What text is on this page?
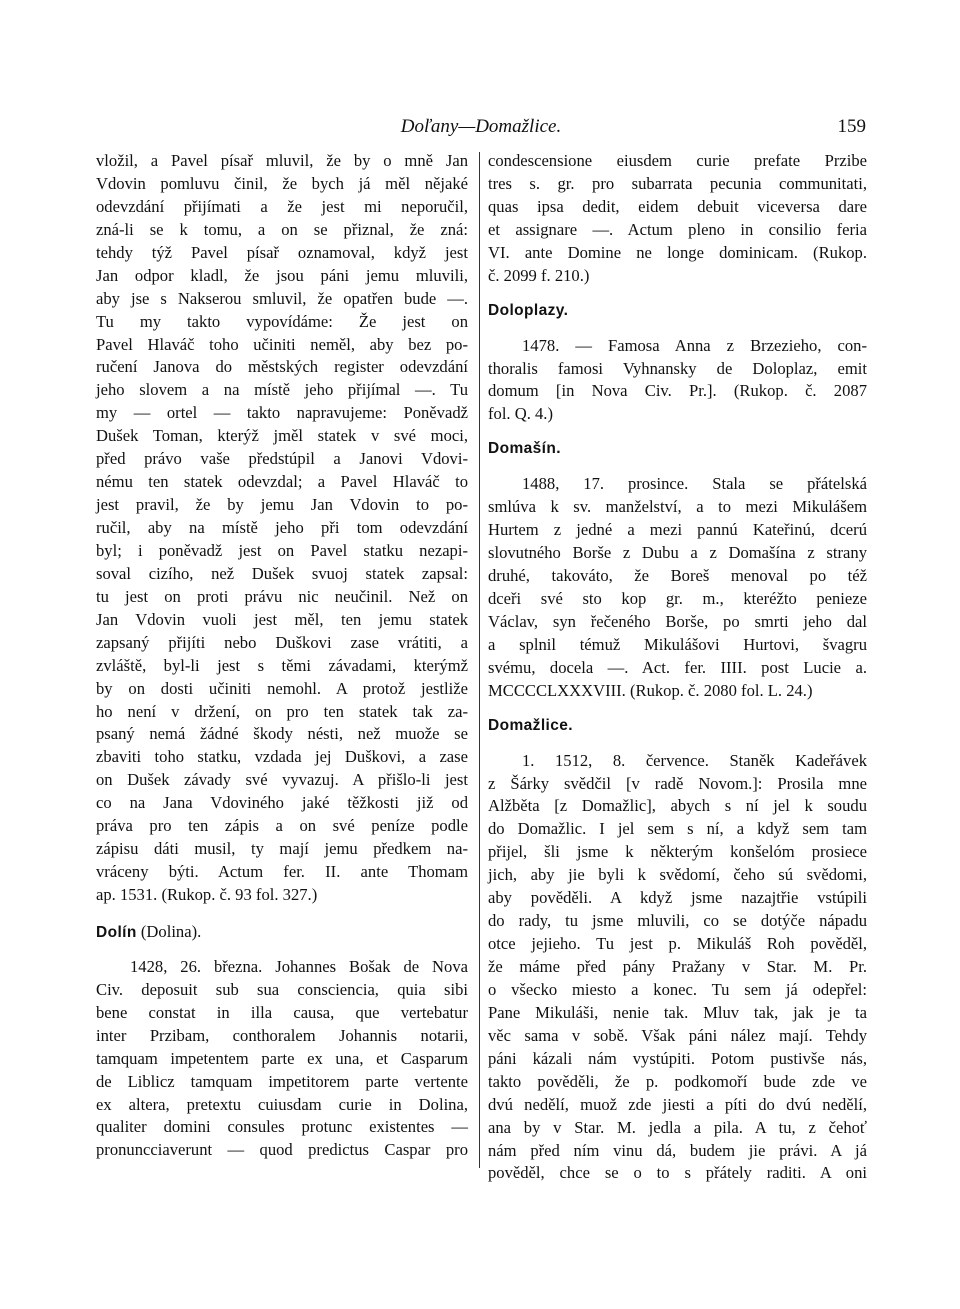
Doľany—Domažlice.	159
vložil, a Pavel písař mluvil, že by o mně Jan
Vdovin pomluvu činil, že bych já měl nějaké
odevzdání přijímati a že jest mi neporučil,
zná-li se k tomu, a on se přiznal, že zná:
tehdy týž Pavel písař oznamoval, když jest
Jan odpor kladl, že jsou páni jemu mluvili,
aby jse s Nakserou smluvil, že opatřen bude —.
Tu my takto vypovídáme: Že jest on
Pavel Hlaváč toho učiniti neměl, aby bez po-
ručení Janova do městských register odevzdání
jeho slovem a na místě jeho přijímal —. Tu
my — ortel — takto napravujeme: Poněvadž
Dušek Toman, kterýž jměl statek v své moci,
před právo vaše předstúpil a Janovi Vdovi-
nému ten statek odevzdal; a Pavel Hlaváč to
jest pravil, že by jemu Jan Vdovin to po-
ručil, aby na místě jeho při tom odevzdání
byl; i poněvadž jest on Pavel statku nezapi-
soval cizího, než Dušek svuoj statek zapsal:
tu jest on proti právu nic neučinil. Než on
Jan Vdovin vuoli jest měl, ten jemu statek
zapsaný přijíti nebo Duškovi zase vrátiti, a
zvláště, byl-li jest s těmi závadami, kterýmž
by on dosti učiniti nemohl. A protož jestliže
ho není v držení, on pro ten statek tak za-
psaný nemá žádné škody nésti, než muože se
zbaviti toho statku, vzdada jej Duškovi, a zase
on Dušek závady své vyvazuj. A přišlo-li jest
co na Jana Vdoviného jaké těžkosti již od
práva pro ten zápis a on své peníze podle
zápisu dáti musil, ty mají jemu předkem na-
vráceny býti. Actum fer. II. ante Thomam
ap. 1531. (Rukop. č. 93 fol. 327.)
Dolín (Dolina).
1428, 26. března. Johannes Bošak de Nova
Civ. deposuit sub sua consciencia, quia sibi
bene constat in illa causa, que vertebatur
inter Przibam, conthoralem Johannis notarii,
tamquam impetentem parte ex una, et Casparum
de Liblicz tamquam impetitorem parte vertente
ex altera, pretextu cuiusdam curie in Dolina,
qualiter domini consules protunc existentes —
pronuncciaverunt — quod predictus Caspar pro
condescensione eiusdem curie prefate Przibe
tres s. gr. pro subarrata pecunia communitati,
quas ipsa dedit, eidem debuit viceversa dare
et assignare —. Actum pleno in consilio feria
VI. ante Domine ne longe dominicam. (Rukop.
č. 2099 f. 210.)
Doloplazy.
1478. — Famosa Anna z Brzezieho, con-
thoralis famosi Vyhnansky de Doloplaz, emit
domum [in Nova Civ. Pr.]. (Rukop. č. 2087
fol. Q. 4.)
Domašín.
1488, 17. prosince. Stala se přátelská
smlúva k sv. manželství, a to mezi Mikulášem
Hurtem z jedné a mezi pannú Kateřinú, dcerú
slovutného Borše z Dubu a z Domašína z strany
druhé, takováto, že Boreš menoval po též
dceři své sto kop gr. m., kteréžto penieze
Václav, syn řečeného Borše, po smrti jeho dal
a splnil témuž Mikulášovi Hurtovi, švagru
svému, docela —. Act. fer. IIII. post Lucie a.
MCCCCLXXXVIII. (Rukop. č. 2080 fol. L. 24.)
Domažlice.
1. 1512, 8. července. Staněk Kadeřávek
z Šárky svědčil [v radě Novom.]: Prosila mne
Alžběta [z Domažlic], abych s ní jel k soudu
do Domažlic. I jel sem s ní, a když sem tam
přijel, šli jsme k některým konšelóm prosiece
jich, aby jie byli k svědomí, čeho sú svědomi,
aby pověděli. A když jsme nazajtřie vstúpili
do rady, tu jsme mluvili, co se dotýče nápadu
otce jejieho. Tu jest p. Mikuláš Roh pověděl,
že máme před pány Pražany v Star. M. Pr.
o všecko miesto a konec. Tu sem já odepřel:
Pane Mikuláši, nenie tak. Mluv tak, jak je ta
věc sama v sobě. Však páni nález mají. Tehdy
páni kázali nám vystúpiti. Potom pustivše nás,
takto pověděli, že p. podkomoří bude zde ve
dvú nedělí, muož zde jiesti a píti do dvú nedělí,
ana by v Star. M. jedla a pila. A tu, z čehoť
nám před ním vinu dá, budem jie právi. A já
pověděl, chce se o to s přátely raditi. A oni
